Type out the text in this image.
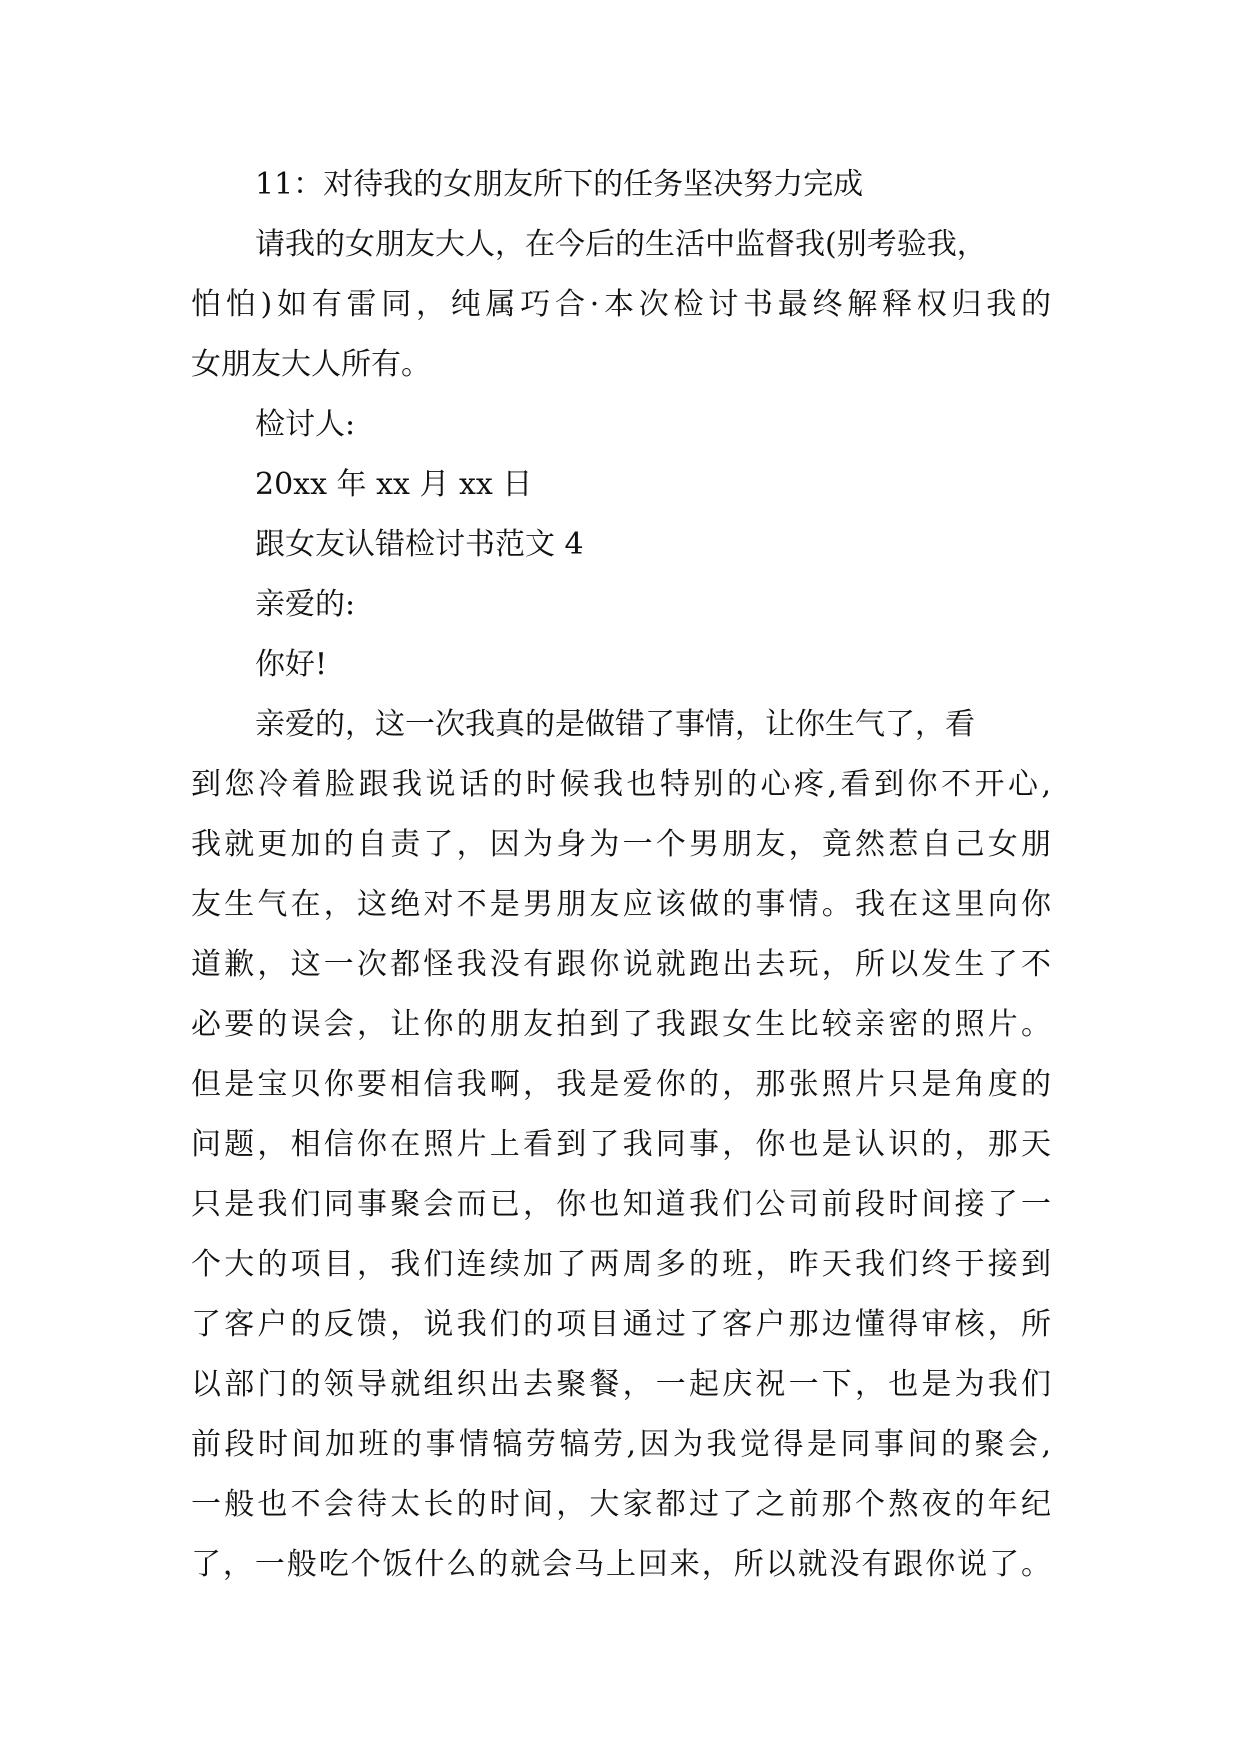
11：对待我的女朋友所下的任务坚决努力完成
请我的女朋友大人，在今后的生活中监督我(别考验我，
怕怕)如有雷同，纯属巧合·本次检讨书最终解释权归我的
女朋友大人所有。
检讨人:
20xx 年 xx 月 xx 日
跟女友认错检讨书范文 4
亲爱的:
你好!
亲爱的，这一次我真的是做错了事情，让你生气了，看
到您冷着脸跟我说话的时候我也特别的心疼,看到你不开心,
我就更加的自责了，因为身为一个男朋友，竟然惹自己女朋
友生气在，这绝对不是男朋友应该做的事情。我在这里向你
道歉，这一次都怪我没有跟你说就跑出去玩，所以发生了不
必要的误会，让你的朋友拍到了我跟女生比较亲密的照片。
但是宝贝你要相信我啊，我是爱你的，那张照片只是角度的
问题，相信你在照片上看到了我同事，你也是认识的，那天
只是我们同事聚会而已，你也知道我们公司前段时间接了一
个大的项目，我们连续加了两周多的班，昨天我们终于接到
了客户的反馈，说我们的项目通过了客户那边懂得审核，所
以部门的领导就组织出去聚餐，一起庆祝一下，也是为我们
前段时间加班的事情犒劳犒劳,因为我觉得是同事间的聚会,
一般也不会待太长的时间，大家都过了之前那个熬夜的年纪
了，一般吃个饭什么的就会马上回来，所以就没有跟你说了。
